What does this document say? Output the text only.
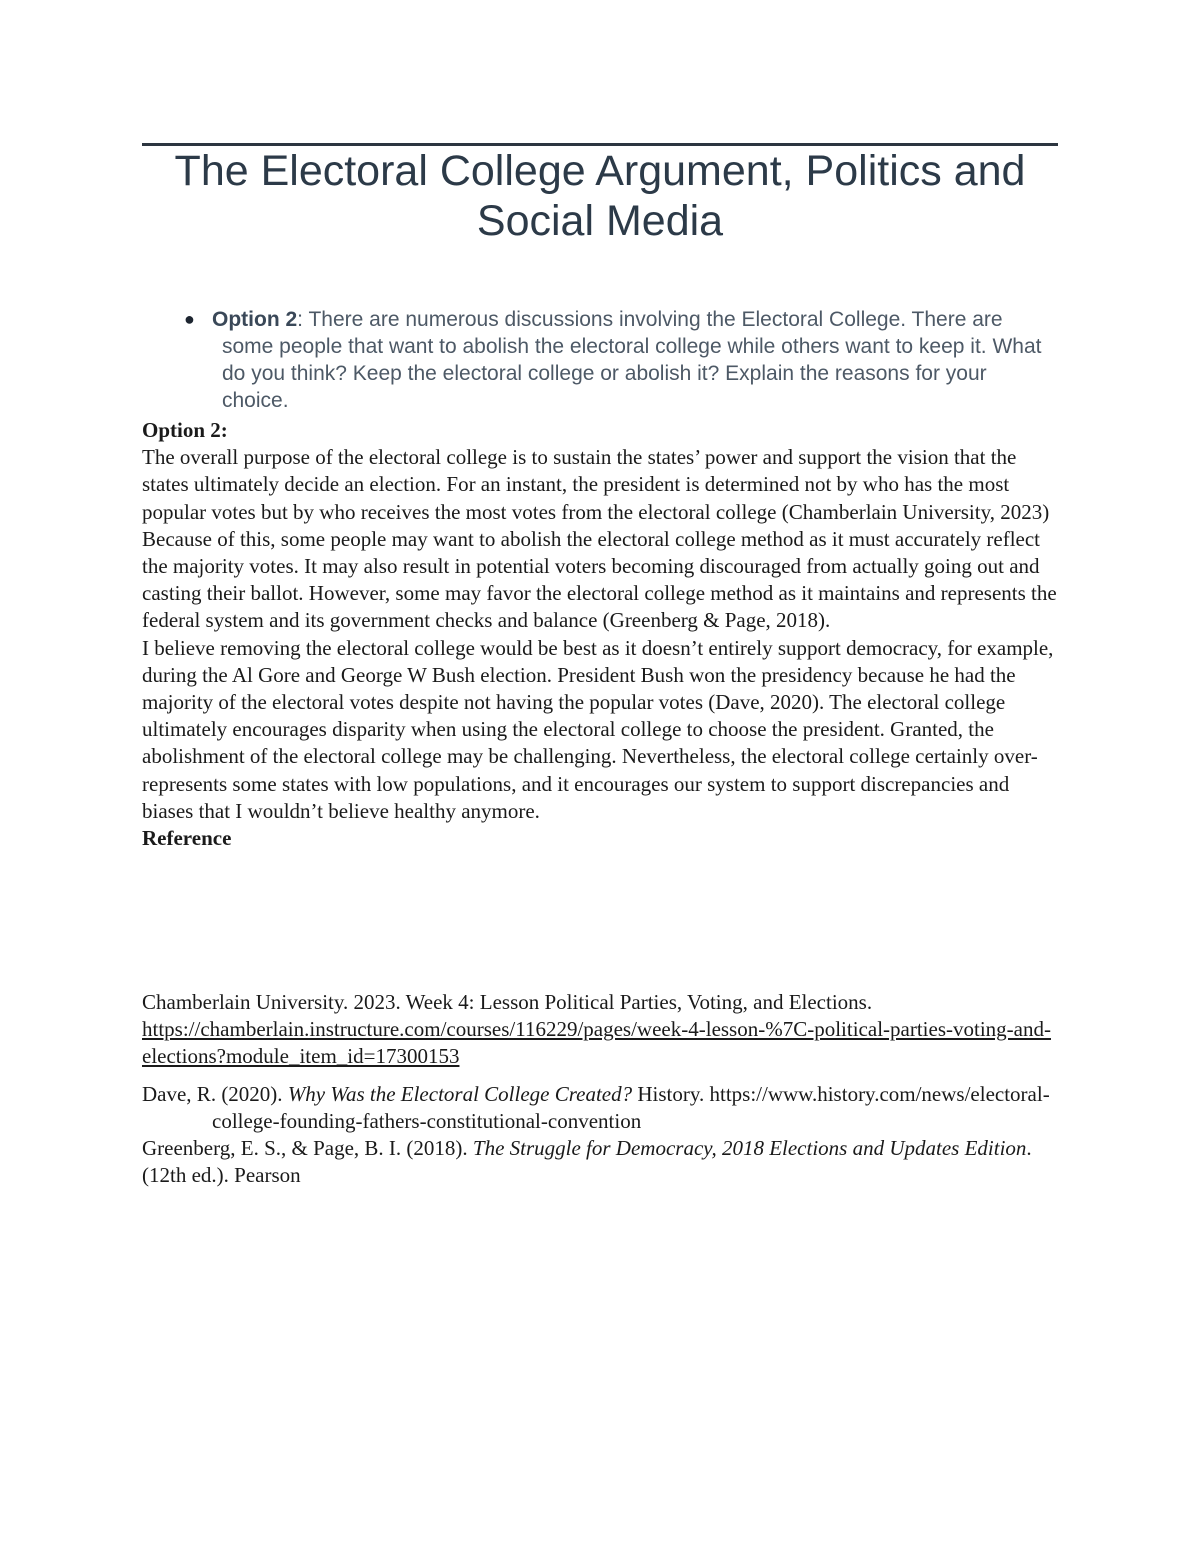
The Electoral College Argument, Politics and Social Media
● Option 2: There are numerous discussions involving the Electoral College. There are some people that want to abolish the electoral college while others want to keep it. What do you think? Keep the electoral college or abolish it? Explain the reasons for your choice.

Option 2:

The overall purpose of the electoral college is to sustain the states’ power and support the vision that the states ultimately decide an election. For an instant, the president is determined not by who has the most popular votes but by who receives the most votes from the electoral college (Chamberlain University, 2023)

Because of this, some people may want to abolish the electoral college method as it must accurately reflect the majority votes. It may also result in potential voters becoming discouraged from actually going out and casting their ballot. However, some may favor the electoral college method as it maintains and represents the federal system and its government checks and balance (Greenberg & Page, 2018).

I believe removing the electoral college would be best as it doesn’t entirely support democracy, for example, during the Al Gore and George W Bush election. President Bush won the presidency because he had the majority of the electoral votes despite not having the popular votes (Dave, 2020). The electoral college ultimately encourages disparity when using the electoral college to choose the president. Granted, the abolishment of the electoral college may be challenging. Nevertheless, the electoral college certainly over-represents some states with low populations, and it encourages our system to support discrepancies and biases that I wouldn’t believe healthy anymore.

Reference

Chamberlain University. 2023. Week 4: Lesson Political Parties, Voting, and Elections. https://chamberlain.instructure.com/courses/116229/pages/week-4-lesson-%7C-political-parties-voting-and-elections?module_item_id=17300153

Dave, R. (2020). Why Was the Electoral College Created? History. https://www.history.com/news/electoral-college-founding-fathers-constitutional-convention

Greenberg, E. S., & Page, B. I. (2018). The Struggle for Democracy, 2018 Elections and Updates Edition. (12th ed.). Pearson
